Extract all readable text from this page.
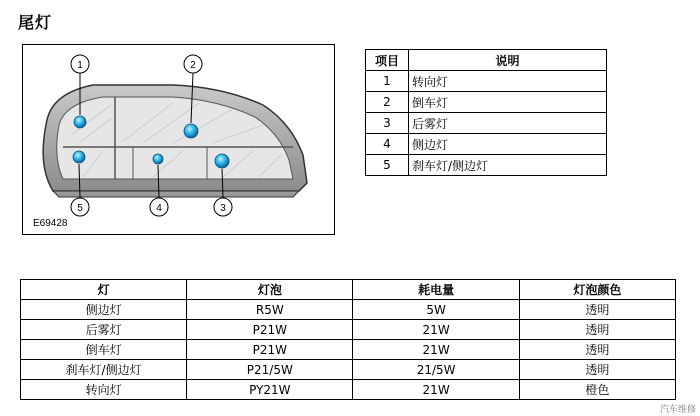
尾灯
1	2
3
4
5
E69428
项目	说明
1	转向灯
2	倒车灯
3	后雾灯
4	侧边灯
5	刹车灯/侧边灯
灯	灯泡	耗电量	灯泡颜色
侧边灯	R5W	5W	透明
后雾灯	P21W	21W	透明
倒车灯	P21W	21W	透明
刹车灯/侧边灯	P21/5W	21/5W	透明
转向灯	PY21W	21W	橙色
汽车维修
